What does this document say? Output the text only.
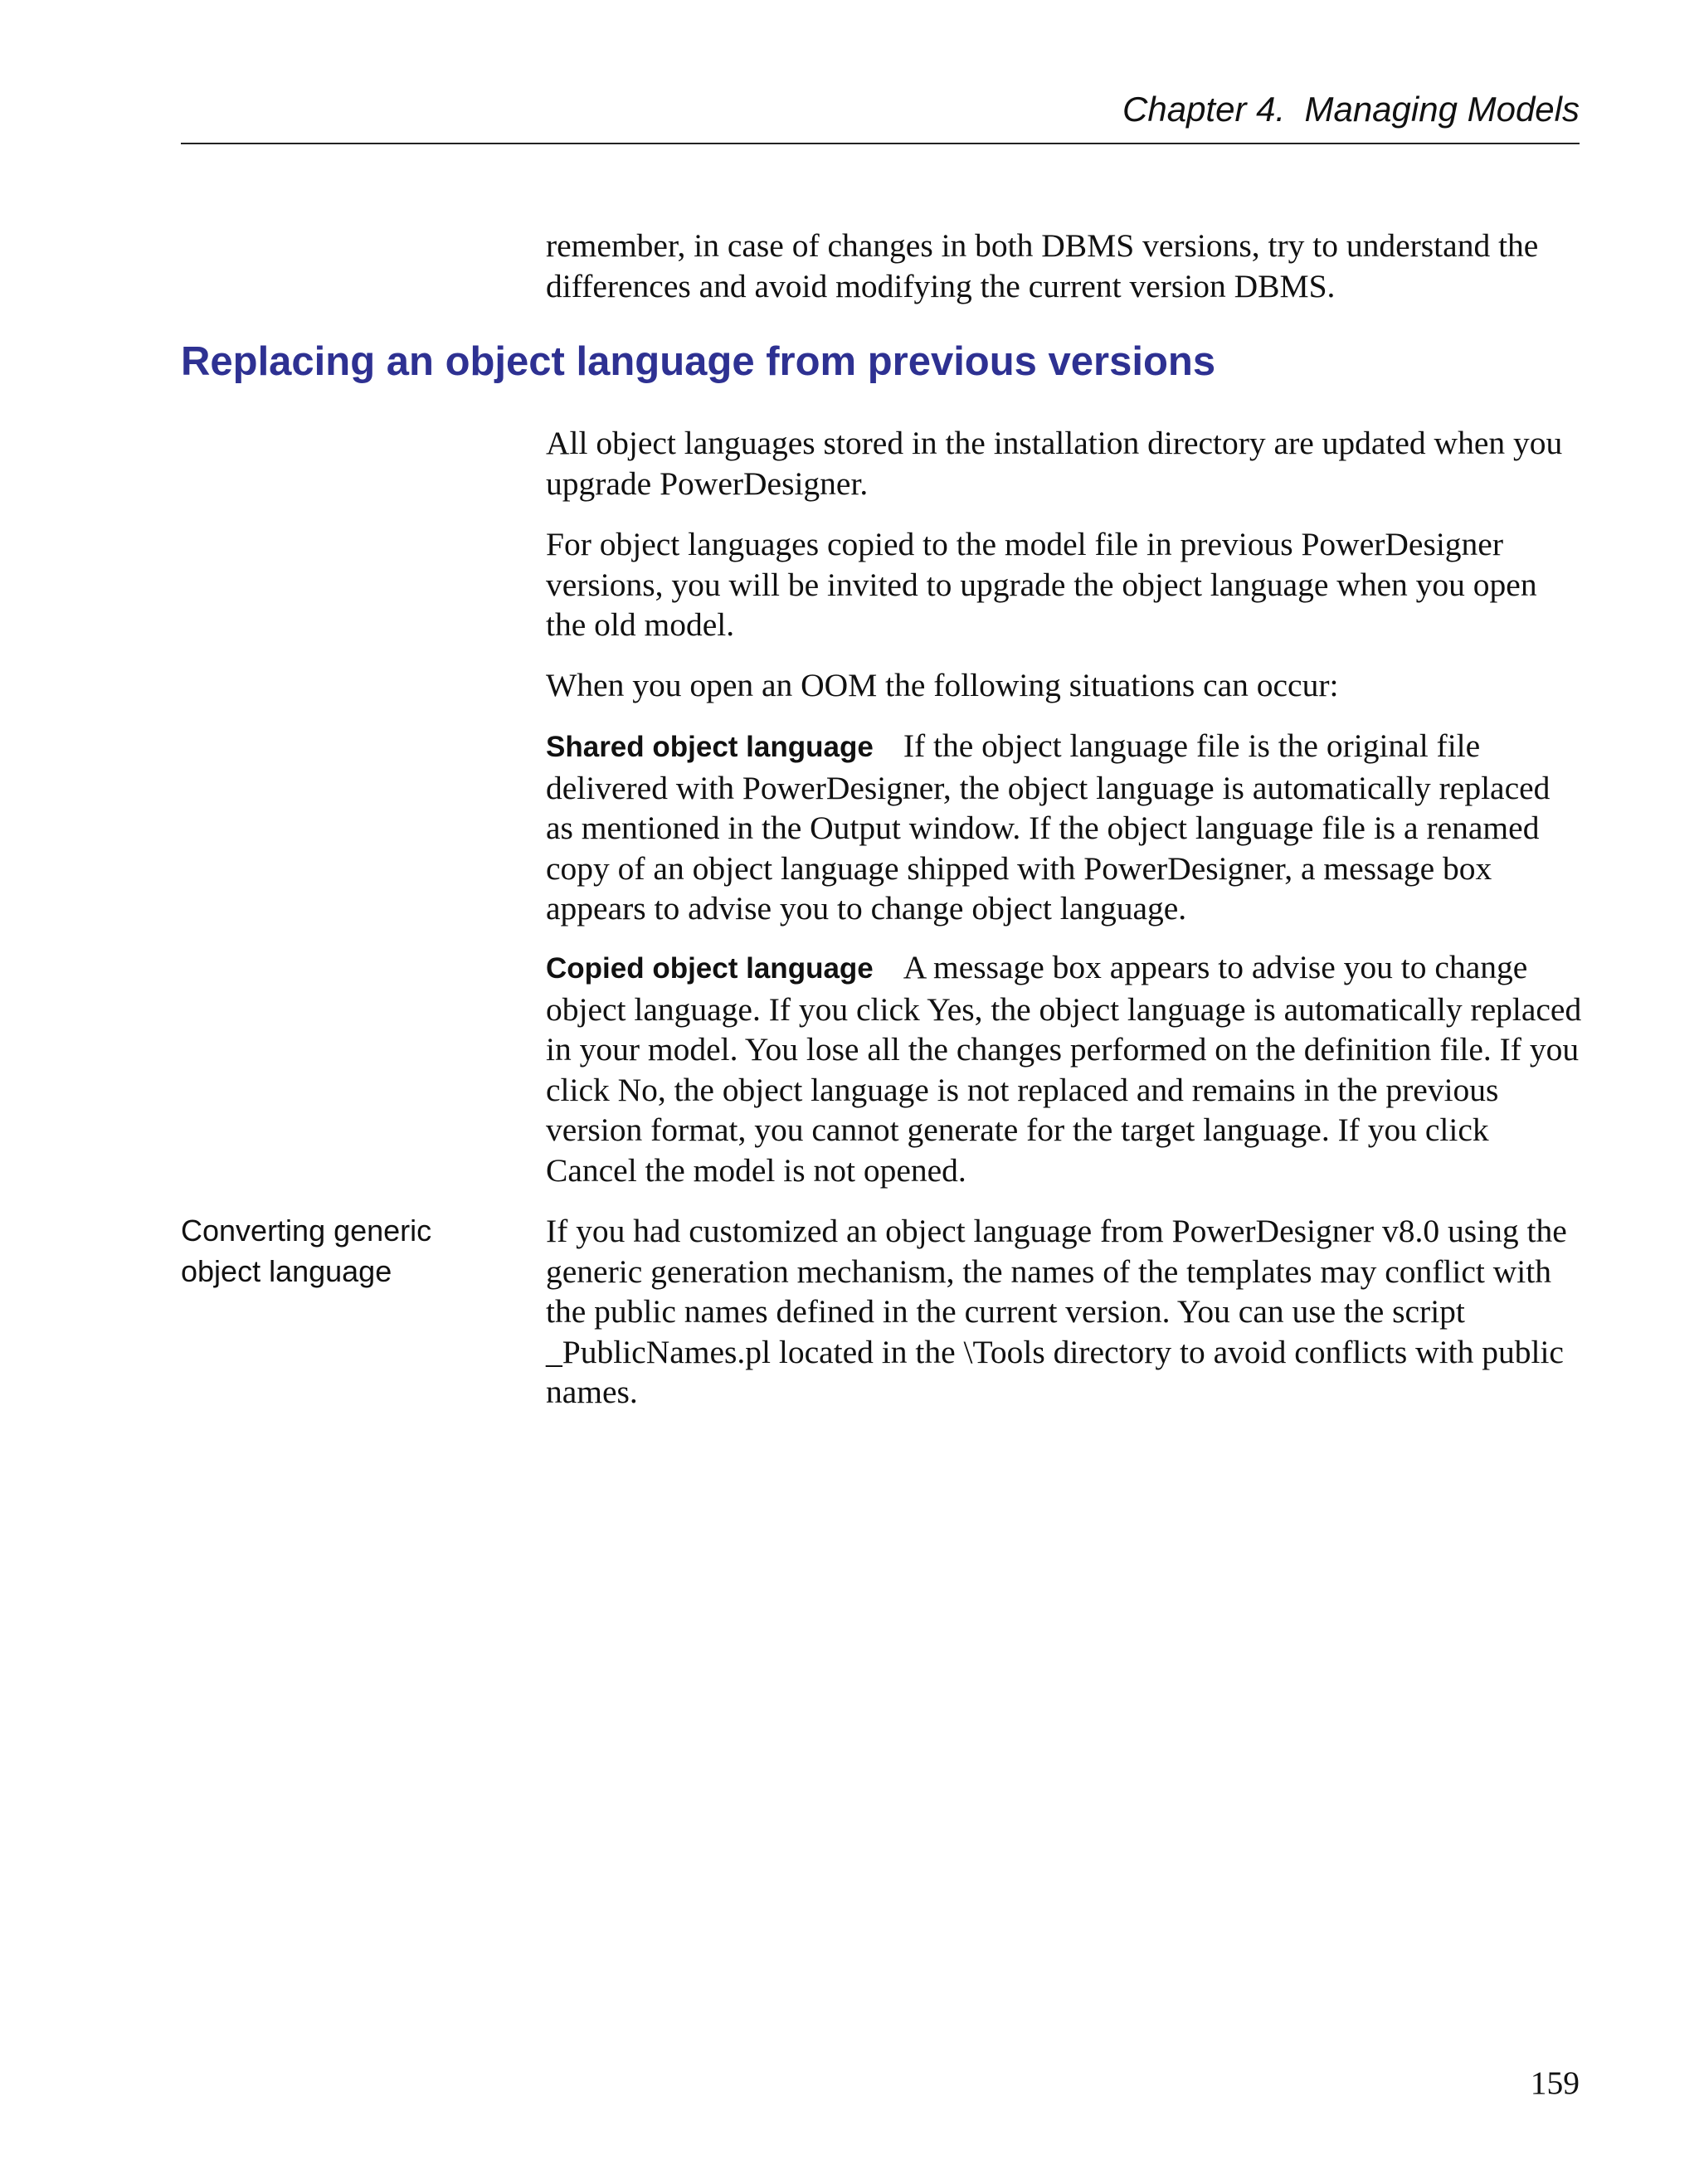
Chapter 4.  Managing Models

remember, in case of changes in both DBMS versions, try to understand the differences and avoid modifying the current version DBMS.

Replacing an object language from previous versions

All object languages stored in the installation directory are updated when you upgrade PowerDesigner.

For object languages copied to the model file in previous PowerDesigner versions, you will be invited to upgrade the object language when you open the old model.

When you open an OOM the following situations can occur:

Shared object language If the object language file is the original file delivered with PowerDesigner, the object language is automatically replaced as mentioned in the Output window. If the object language file is a renamed copy of an object language shipped with PowerDesigner, a message box appears to advise you to change object language.

Copied object language A message box appears to advise you to change object language. If you click Yes, the object language is automatically replaced in your model. You lose all the changes performed on the definition file. If you click No, the object language is not replaced and remains in the previous version format, you cannot generate for the target language. If you click Cancel the model is not opened.

Converting generic object language

If you had customized an object language from PowerDesigner v8.0 using the generic generation mechanism, the names of the templates may conflict with the public names defined in the current version. You can use the script _PublicNames.pl located in the \Tools directory to avoid conflicts with public names.

159
